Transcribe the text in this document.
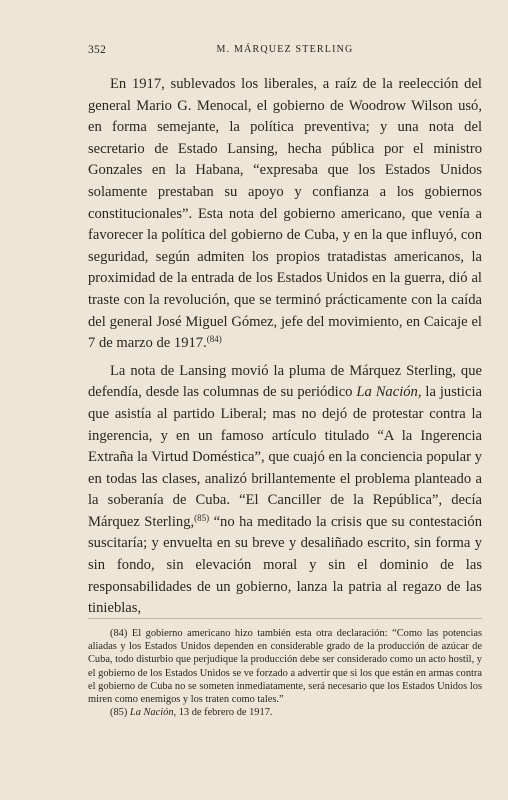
352	M. MÁRQUEZ STERLING

En 1917, sublevados los liberales, a raíz de la reelección del general Mario G. Menocal, el gobierno de Woodrow Wilson usó, en forma semejante, la política preventiva; y una nota del secretario de Estado Lansing, hecha pública por el ministro Gonzales en la Habana, “expresaba que los Estados Unidos solamente prestaban su apoyo y confianza a los gobiernos constitucionales”. Esta nota del gobierno americano, que venía a favorecer la política del gobierno de Cuba, y en la que influyó, con seguridad, según admiten los propios tratadistas americanos, la proximidad de la entrada de los Estados Unidos en la guerra, dió al traste con la revolución, que se terminó prácticamente con la caída del general José Miguel Gómez, jefe del movimiento, en Caicaje el 7 de marzo de 1917.$^{(84)}$

La nota de Lansing movió la pluma de Márquez Sterling, que defendía, desde las columnas de su periódico La Nación, la justicia que asistía al partido Liberal; mas no dejó de protestar contra la ingerencia, y en un famoso artículo titulado “A la Ingerencia Extraña la Virtud Doméstica”, que cuajó en la conciencia popular y en todas las clases, analizó brillantemente el problema planteado a la soberanía de Cuba. “El Canciller de la República”, decía Márquez Sterling,$^{(85)}$ “no ha meditado la crisis que su contestación suscitaría; y envuelta en su breve y desaliñado escrito, sin forma y sin fondo, sin elevación moral y sin el dominio de las responsabilidades de un gobierno, lanza la patria al regazo de las tinieblas,

(84) El gobierno americano hizo también esta otra declaración: “Como las potencias aliadas y los Estados Unidos dependen en considerable grado de la producción de azúcar de Cuba, todo disturbio que perjudique la producción debe ser considerado como un acto hostil, y el gobierno de los Estados Unidos se ve forzado a advertir que si los que están en armas contra el gobierno de Cuba no se someten inmediatamente, será necesario que los Estados Unidos los miren como enemigos y los traten como tales.”

(85) La Nación, 13 de febrero de 1917.
